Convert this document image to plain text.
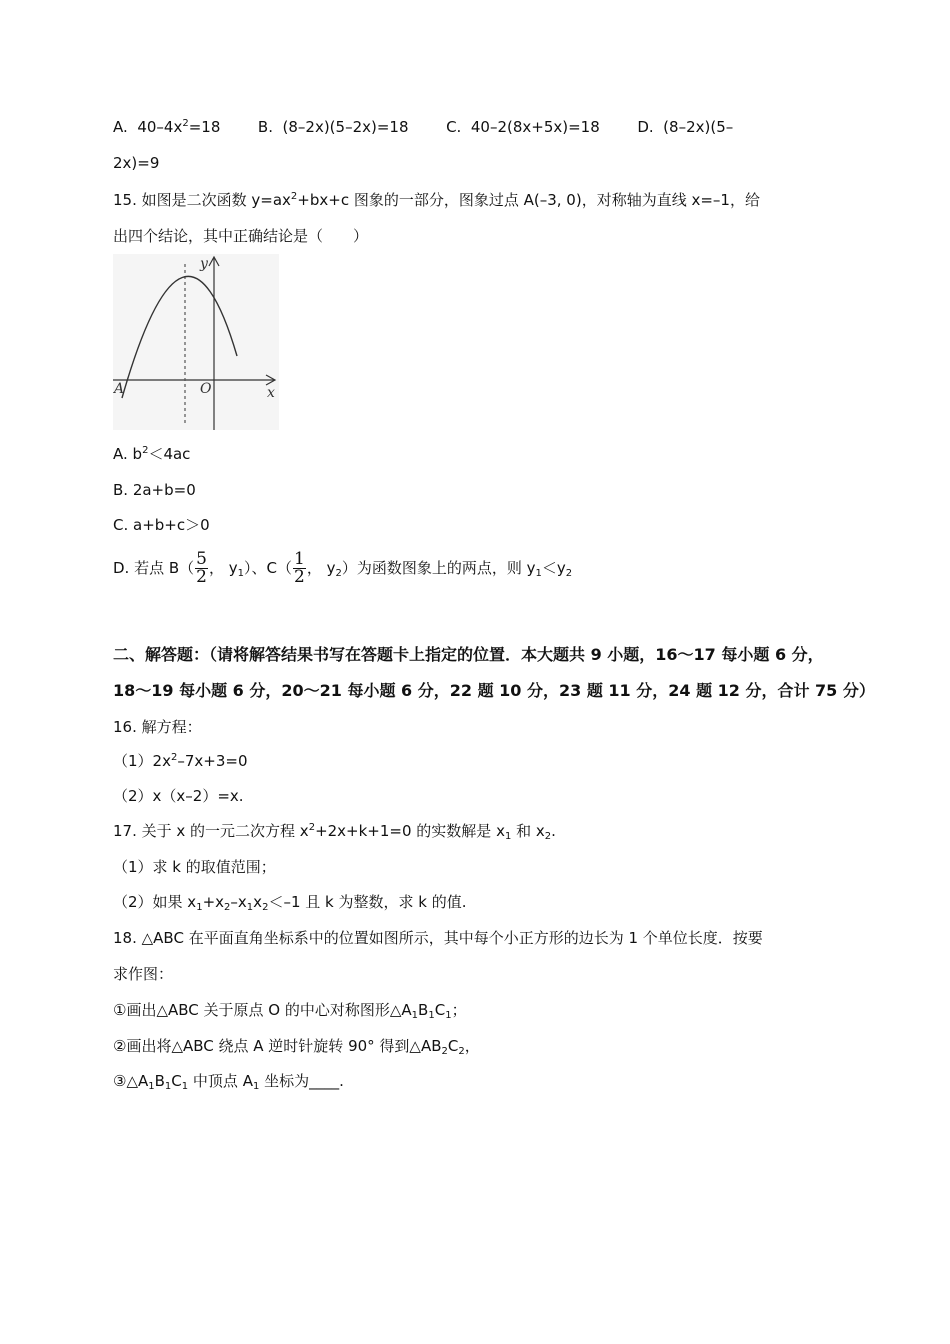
A. $40-4x^2=18$	B.  (8–2x)(5–2x)=18	C.  40–2(8x+5x)=18	D.  (8–2x)(5–
2x)=9
15. 如图是二次函数 $y=ax^2+bx+c$ 图象的一部分，图象过点 A(–3, 0)，对称轴为直线 x=–1，给
出四个结论，其中正确结论是（　　）
y
x
O
A
A. $b^2<4ac$
B. 2a+b=0
C. a+b+c＞0
D. 若点 $B( \frac{5}{2}$ ， $y_1$）、$C( \frac{1}{2}$ ， $y_2$）为函数图象上的两点，则 $y_1<y_2$
二、解答题：（请将解答结果书写在答题卡上指定的位置．本大题共 9 小题，16～17 每小题 6 分，
18～19 每小题 6 分，20～21 每小题 6 分，22 题 10 分，23 题 11 分，24 题 12 分，合计 75 分）
16. 解方程：
$(1)2x^2-7x+3=0$
（2）x（x–2）=x.
17. 关于 x 的一元二次方程 $x^2+2x+k+1=0$ 的实数解是 $x_1$ 和 $x_2$.
（1）求 k 的取值范围；
（2）如果 $x_1+x_2-x_1x_2<-1$ 且 k 为整数，求 k 的值.
18. △ABC 在平面直角坐标系中的位置如图所示，其中每个小正方形的边长为 1 个单位长度．按要
求作图：
①画出△ABC 关于原点 O 的中心对称图形$\triangle A_1B_1C_1$；
②画出将△ABC 绕点 A 逆时针旋转 90° 得到$\triangle AB_2C_2$，
$③\triangle A_1B_1C_1$ 中顶点 $A_1$ 坐标为____.
